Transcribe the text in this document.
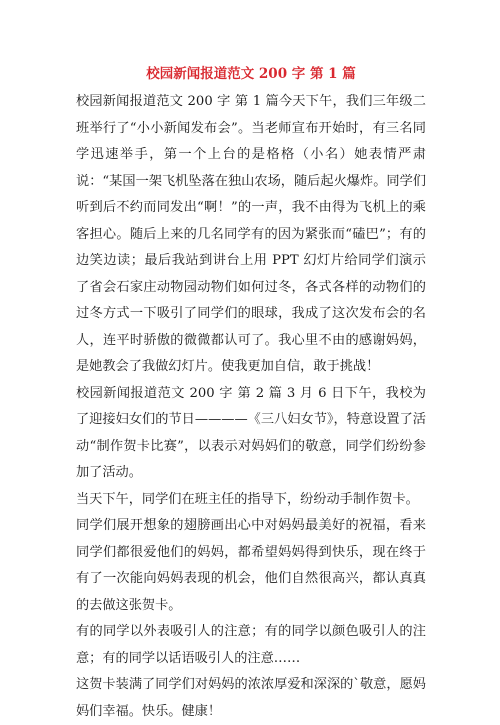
校园新闻报道范文 200 字 第 1 篇

校园新闻报道范文 200 字 第 1 篇今天下午，我们三年级二班举行了“小小新闻发布会”。当老师宣布开始时，有三名同学迅速举手，第一个上台的是格格（小名）她表情严肃说：“某国一架飞机坠落在独山农场，随后起火爆炸。同学们听到后不约而同发出“啊！”的一声，我不由得为飞机上的乘客担心。随后上来的几名同学有的因为紧张而“磕巴”；有的边笑边读；最后我站到讲台上用 PPT 幻灯片给同学们演示了省会石家庄动物园动物们如何过冬，各式各样的动物们的过冬方式一下吸引了同学们的眼球，我成了这次发布会的名人，连平时骄傲的微微都认可了。我心里不由的感谢妈妈，是她教会了我做幻灯片。使我更加自信，敢于挑战！

校园新闻报道范文 200 字 第 2 篇 3 月 6 日下午，我校为了迎接妇女们的节日————《三八妇女节》，特意设置了活动“制作贺卡比赛”，以表示对妈妈们的敬意，同学们纷纷参加了活动。

当天下午，同学们在班主任的指导下，纷纷动手制作贺卡。

同学们展开想象的翅膀画出心中对妈妈最美好的祝福，看来同学们都很爱他们的妈妈，都希望妈妈得到快乐，现在终于有了一次能向妈妈表现的机会，他们自然很高兴，都认真真的去做这张贺卡。

有的同学以外表吸引人的注意；有的同学以颜色吸引人的注意；有的同学以话语吸引人的注意……

这贺卡装满了同学们对妈妈的浓浓厚爱和深深的`敬意，愿妈妈们幸福。快乐。健康！
